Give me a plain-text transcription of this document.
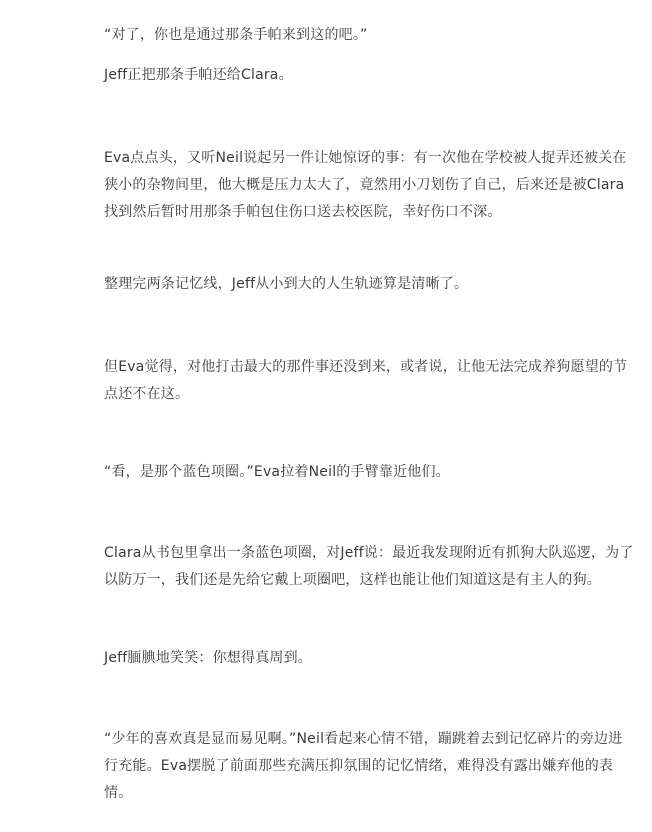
“对了，你也是通过那条手帕来到这的吧。”

Jeff正把那条手帕还给Clara。

Eva点点头，又听Neil说起另一件让她惊讶的事：有一次他在学校被人捉弄还被关在狭小的杂物间里，他大概是压力太大了，竟然用小刀划伤了自己，后来还是被Clara找到然后暂时用那条手帕包住伤口送去校医院，幸好伤口不深。

整理完两条记忆线，Jeff从小到大的人生轨迹算是清晰了。

但Eva觉得，对他打击最大的那件事还没到来，或者说，让他无法完成养狗愿望的节点还不在这。

“看，是那个蓝色项圈。”Eva拉着Neil的手臂靠近他们。

Clara从书包里拿出一条蓝色项圈，对Jeff说：最近我发现附近有抓狗大队巡逻，为了以防万一，我们还是先给它戴上项圈吧，这样也能让他们知道这是有主人的狗。

Jeff腼腆地笑笑：你想得真周到。

“少年的喜欢真是显而易见啊。”Neil看起来心情不错，蹦跳着去到记忆碎片的旁边进行充能。Eva摆脱了前面那些充满压抑氛围的记忆情绪，难得没有露出嫌弃他的表情。
